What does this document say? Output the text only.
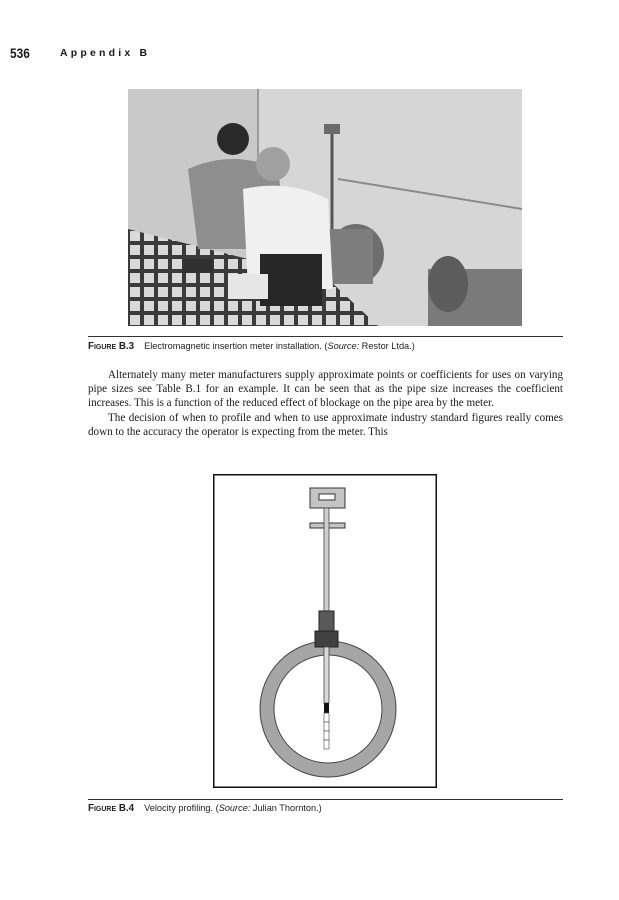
536	Appendix B
Figure B.3 Electromagnetic insertion meter installation. (Source: Restor Ltda.)

Alternately many meter manufacturers supply approximate points or coefficients for uses on varying pipe sizes see Table B.1 for an example. It can be seen that as the pipe size increases the coefficient increases. This is a function of the reduced effect of blockage on the pipe area by the meter.

The decision of when to profile and when to use approximate industry standard figures really comes down to the accuracy the operator is expecting from the meter. This

Figure B.4 Velocity profiling. (Source: Julian Thornton.)
